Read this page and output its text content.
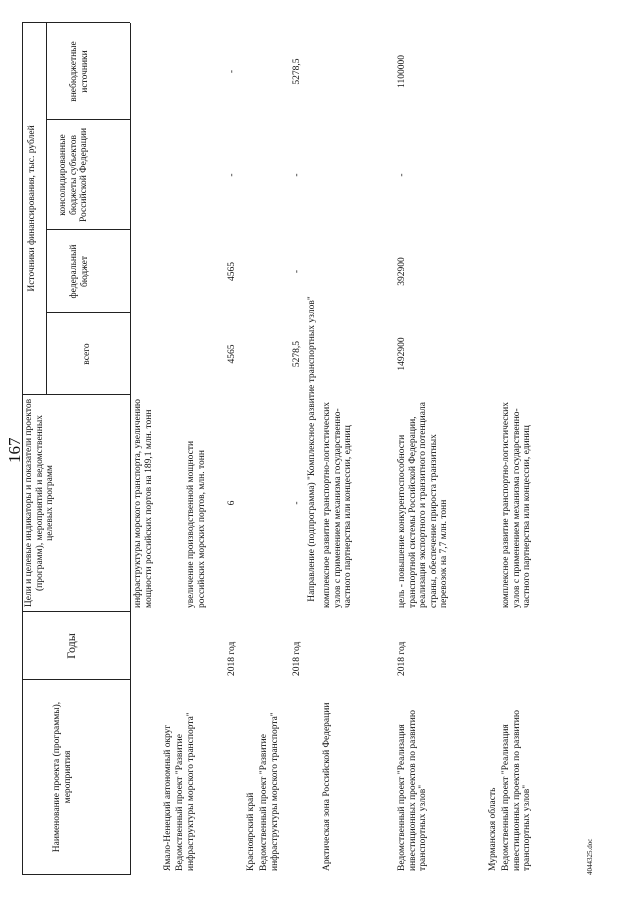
167
Наименование проекта (программы), мероприятия
Годы
Цели и целевые индикаторы и показатели проектов (программ), мероприятий и ведомственных целевых программ
Источники финансирования, тыс. рублей
всего
федеральный бюджет
консолидированные бюджеты субъектов Российской Федерации
внебюджетные источники
инфраструктуры морского транспорта, увеличению мощности российских портов на 189,1 млн. тонн
Ямало-Ненецкий автономный округ Ведомственный проект "Развитие инфраструктуры морского транспорта"
увеличение производственной мощности российских морских портов, млн. тонн
2018 год
6
4565
4565
-
-
Красноярский край Ведомственный проект "Развитие инфраструктуры морского транспорта"
2018 год
-
5278,5
-
-
5278,5
Направление (подпрограмма) "Комплексное развитие транспортных узлов"
Арктическая зона Российской Федерации
комплексное развитие транспортно-логистических узлов с применением механизма государственно-частного партнерства или концессии, единиц
Ведомственный проект "Реализация инвестиционных проектов по развитию транспортных узлов"
2018 год
цель - повышение конкурентоспособности транспортной системы Российской Федерации, реализация экспортного и транзитного потенциала страны, обеспечение прироста транзитных перевозок на 7,7 млн. тонн
1492900
392900
-
1100000
Мурманская область Ведомственный проект "Реализация инвестиционных проектов по развитию транспортных узлов"
комплексное развитие транспортно-логистических узлов с применением механизма государственно-частного партнерства или концессии, единиц
4044325.doc
